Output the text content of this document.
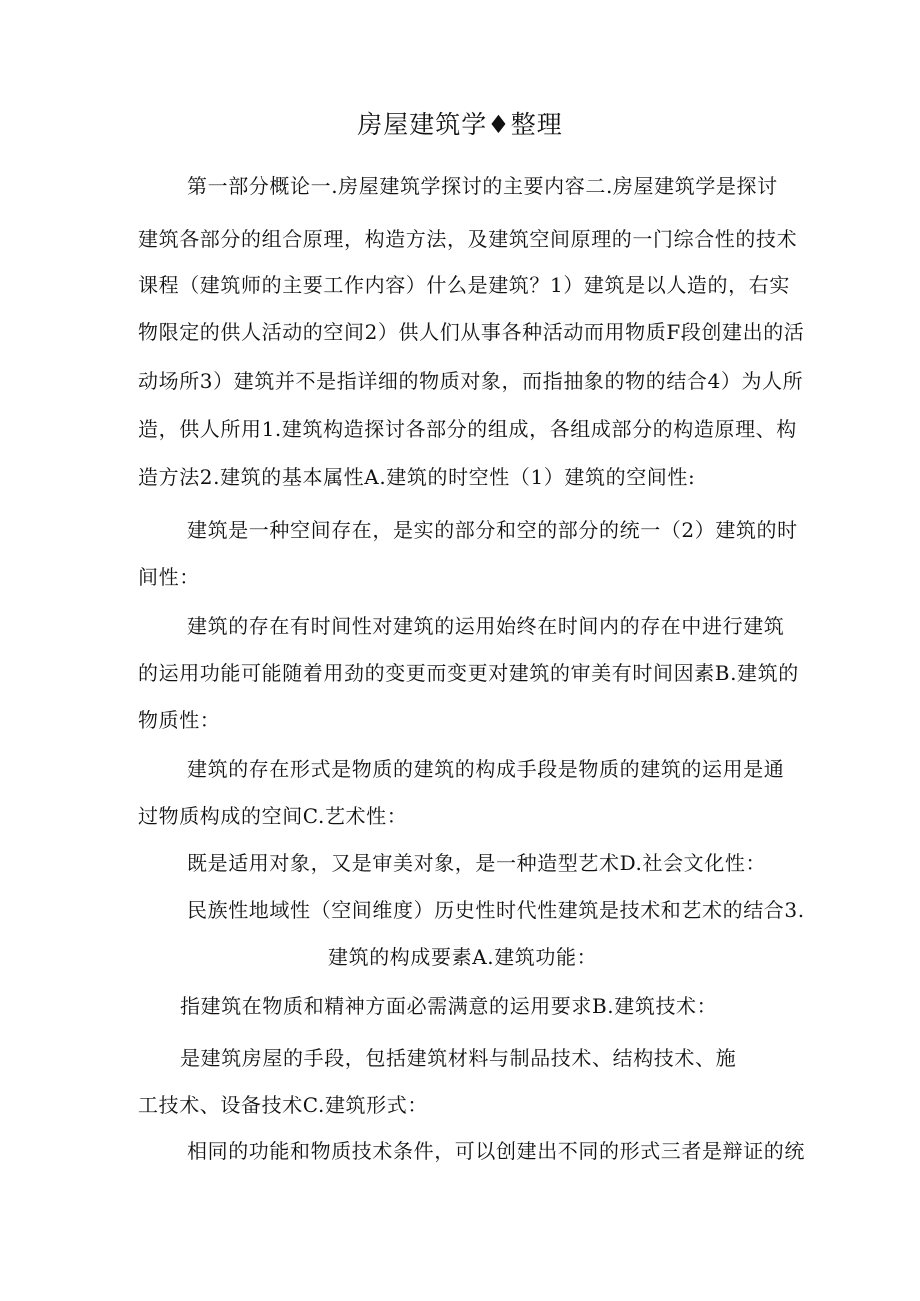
房屋建筑学♦整理
第一部分概论一.房屋建筑学探讨的主要内容二.房屋建筑学是探讨
建筑各部分的组合原理，构造方法，及建筑空间原理的一门综合性的技术
课程（建筑师的主要工作内容）什么是建筑？1）建筑是以人造的，右实
物限定的供人活动的空间2）供人们从事各种活动而用物质F段创建出的活
动场所3）建筑并不是指详细的物质对象，而指抽象的物的结合4）为人所
造，供人所用1.建筑构造探讨各部分的组成，各组成部分的构造原理、构
造方法2.建筑的基本属性A.建筑的时空性（1）建筑的空间性:
建筑是一种空间存在，是实的部分和空的部分的统一（2）建筑的时
间性：
建筑的存在有时间性对建筑的运用始终在时间内的存在中进行建筑
的运用功能可能随着用劲的变更而变更对建筑的审美有时间因素B.建筑的
物质性：
建筑的存在形式是物质的建筑的构成手段是物质的建筑的运用是通
过物质构成的空间C.艺术性：
既是适用对象，又是审美对象，是一种造型艺术D.社会文化性：
民族性地域性（空间维度）历史性时代性建筑是技术和艺术的结合3.
建筑的构成要素A.建筑功能：
指建筑在物质和精神方面必需满意的运用要求B.建筑技术：
是建筑房屋的手段，包括建筑材料与制品技术、结构技术、施
工技术、设备技术C.建筑形式：
相同的功能和物质技术条件，可以创建出不同的形式三者是辩证的统
